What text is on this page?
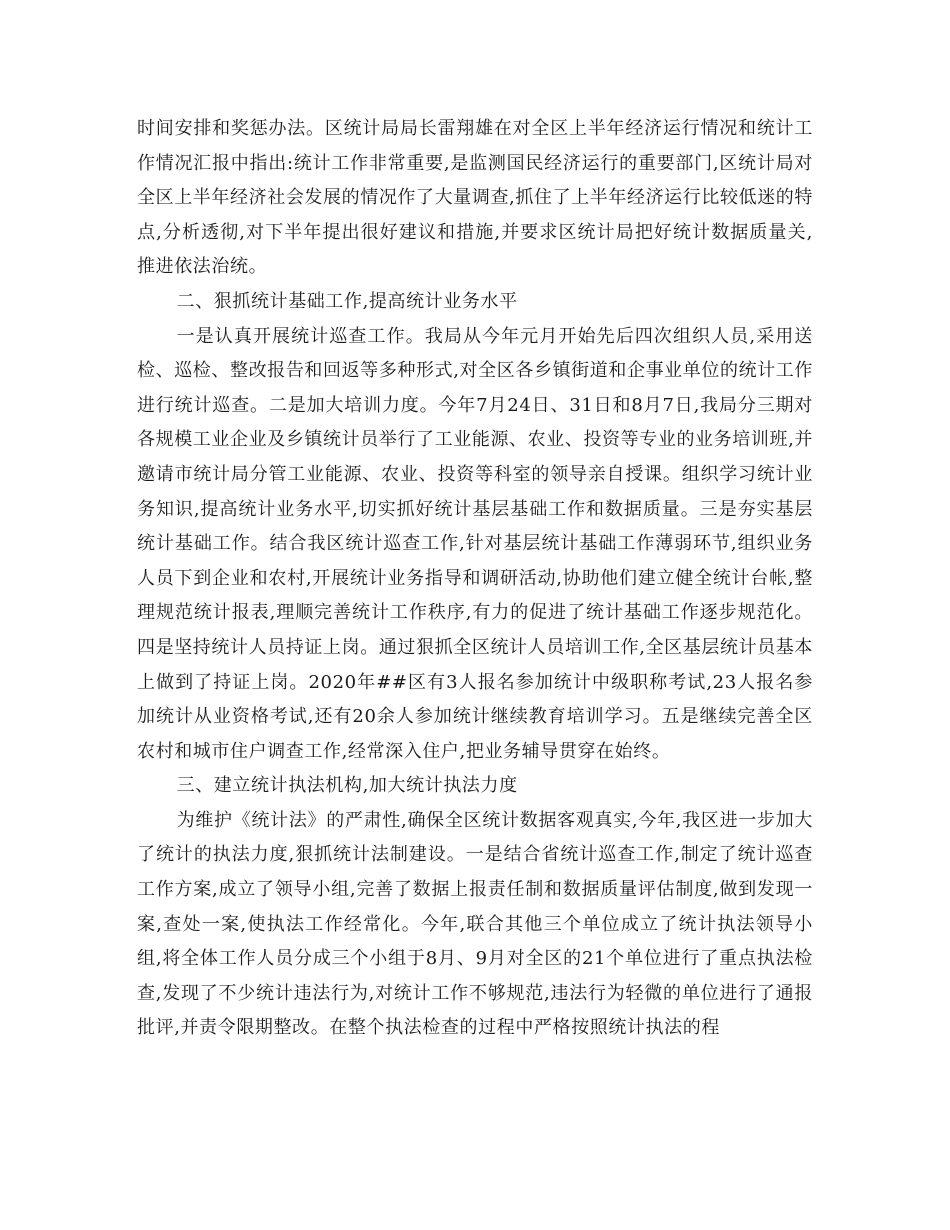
时间安排和奖惩办法。区统计局局长雷翔雄在对全区上半年经济运行情况和统计工作情况汇报中指出:统计工作非常重要,是监测国民经济运行的重要部门,区统计局对全区上半年经济社会发展的情况作了大量调查,抓住了上半年经济运行比较低迷的特点,分析透彻,对下半年提出很好建议和措施,并要求区统计局把好统计数据质量关,推进依法治统。

二、狠抓统计基础工作,提高统计业务水平

一是认真开展统计巡查工作。我局从今年元月开始先后四次组织人员,采用送检、巡检、整改报告和回返等多种形式,对全区各乡镇街道和企事业单位的统计工作进行统计巡查。二是加大培训力度。今年7月24日、31日和8月7日,我局分三期对各规模工业企业及乡镇统计员举行了工业能源、农业、投资等专业的业务培训班,并邀请市统计局分管工业能源、农业、投资等科室的领导亲自授课。组织学习统计业务知识,提高统计业务水平,切实抓好统计基层基础工作和数据质量。三是夯实基层统计基础工作。结合我区统计巡查工作,针对基层统计基础工作薄弱环节,组织业务人员下到企业和农村,开展统计业务指导和调研活动,协助他们建立健全统计台帐,整理规范统计报表,理顺完善统计工作秩序,有力的促进了统计基础工作逐步规范化。四是坚持统计人员持证上岗。通过狠抓全区统计人员培训工作,全区基层统计员基本上做到了持证上岗。2020年##区有3人报名参加统计中级职称考试,23人报名参加统计从业资格考试,还有20余人参加统计继续教育培训学习。五是继续完善全区农村和城市住户调查工作,经常深入住户,把业务辅导贯穿在始终。

三、建立统计执法机构,加大统计执法力度

为维护《统计法》的严肃性,确保全区统计数据客观真实,今年,我区进一步加大了统计的执法力度,狠抓统计法制建设。一是结合省统计巡查工作,制定了统计巡查工作方案,成立了领导小组,完善了数据上报责任制和数据质量评估制度,做到发现一案,查处一案,使执法工作经常化。今年,联合其他三个单位成立了统计执法领导小组,将全体工作人员分成三个小组于8月、9月对全区的21个单位进行了重点执法检查,发现了不少统计违法行为,对统计工作不够规范,违法行为轻微的单位进行了通报批评,并责令限期整改。在整个执法检查的过程中严格按照统计执法的程
